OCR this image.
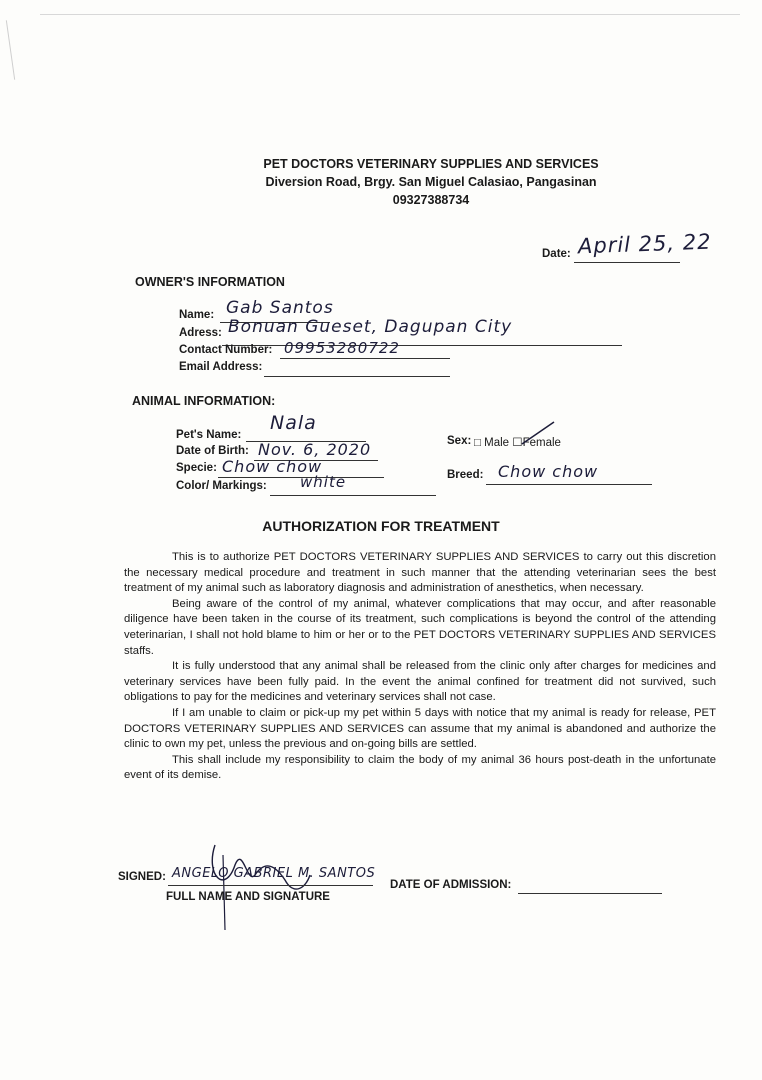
PET DOCTORS VETERINARY SUPPLIES AND SERVICES
Diversion Road, Brgy. San Miguel Calasiao, Pangasinan
09327388734
Date: April 25, 22
OWNER'S INFORMATION
Name: Gab Santos
Adress: Bonuan Gueset, Dagupan City
Contact Number: 09953280722
Email Address:
ANIMAL INFORMATION:
Pet's Name:
Nala
Date of Birth: Nov. 6, 2020
Specie: Chow chow
Color/ Markings: white
Sex: □ Male ☐Female
Breed: Chow chow
AUTHORIZATION FOR TREATMENT

This is to authorize PET DOCTORS VETERINARY SUPPLIES AND SERVICES to carry out this discretion the necessary medical procedure and treatment in such manner that the attending veterinarian sees the best treatment of my animal such as laboratory diagnosis and administration of anesthetics, when necessary.

Being aware of the control of my animal, whatever complications that may occur, and after reasonable diligence have been taken in the course of its treatment, such complications is beyond the control of the attending veterinarian, I shall not hold blame to him or her or to the PET DOCTORS VETERINARY SUPPLIES AND SERVICES staffs.

It is fully understood that any animal shall be released from the clinic only after charges for medicines and veterinary services have been fully paid. In the event the animal confined for treatment did not survived, such obligations to pay for the medicines and veterinary services shall not case.

If I am unable to claim or pick-up my pet within 5 days with notice that my animal is ready for release, PET DOCTORS VETERINARY SUPPLIES AND SERVICES can assume that my animal is abandoned and authorize the clinic to own my pet, unless the previous and on-going bills are settled.

This shall include my responsibility to claim the body of my animal 36 hours post-death in the unfortunate event of its demise.

SIGNED: ANGELO GABRIEL M. SANTOS
FULL NAME AND SIGNATURE
DATE OF ADMISSION:
